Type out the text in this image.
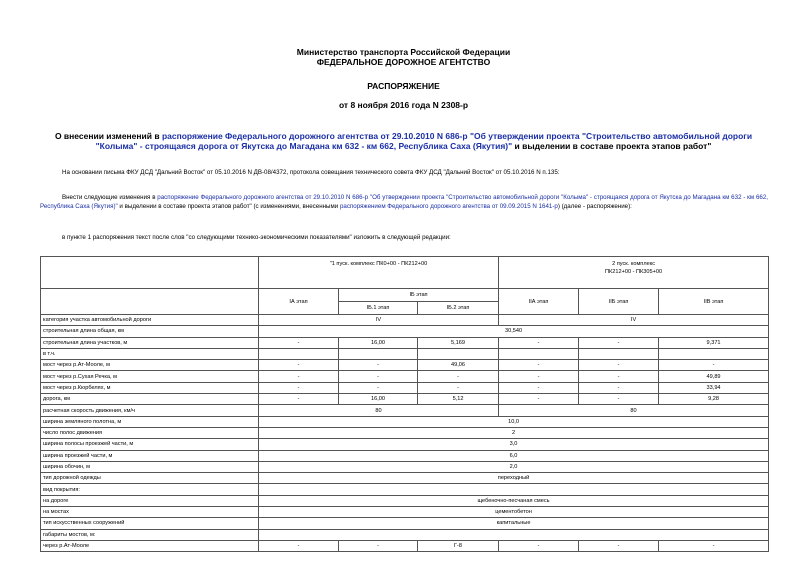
Министерство транспорта Российской Федерации
ФЕДЕРАЛЬНОЕ ДОРОЖНОЕ АГЕНТСТВО
РАСПОРЯЖЕНИЕ
от 8 ноября 2016 года N 2308-р
О внесении изменений в распоряжение Федерального дорожного агентства от 29.10.2010 N 686-р "Об утверждении проекта "Строительство автомобильной дороги "Колыма" - строящаяся дорога от Якутска до Магадана км 632 - км 662, Республика Саха (Якутия)" и выделении в составе проекта этапов работ"
На основании письма ФКУ ДСД "Дальний Восток" от 05.10.2016 N ДВ-08/4372, протокола совещания технического совета ФКУ ДСД "Дальний Восток" от 05.10.2016 N п.135:
Внести следующие изменения в распоряжение Федерального дорожного агентства от 29.10.2010 N 686-р "Об утверждении проекта "Строительство автомобильной дороги "Колыма" - строящаяся дорога от Якутска до Магадана км 632 - км 662, Республика Саха (Якутия)" и выделении в составе проекта этапов работ" (с изменениями, внесенными распоряжением Федерального дорожного агентства от 09.09.2015 N 1641-р) (далее - распоряжение):
в пункте 1 распоряжения текст после слов "со следующими технико-экономическими показателями" изложить в следующей редакции:
	"1 пуск. комплекс ПК0+00 - ПК212+00			2 пуск. комплекс
ПК212+00 - ПК305+00		
	IА этап	IБ этап		IIА этап	IIБ этап	IIВ этап
		IБ.1 этап	IБ.2 этап			
категория участка автомобильной дороги	IV			IV		
строительная длина общая, км	30,540					
строительная длина участков, м	-	16,00	5,169	-	-	9,371
в т.ч.						
мост через р.Ат-Мооле, м	-	-	49,06	-	-	-
мост через р.Сухая Речка, м	-	-	-	-	-	49,89
мост через р.Кюрбелях, м	-	-	-	-	-	33,94
дорога, км	-	16,00	5,12	-	-	9,28
расчетная скорость движения, км/ч	80			80		
ширина земляного полотна, м	10,0					
число полос движения	2					
ширина полосы проезжей части, м	3,0					
ширина проезжей части, м	6,0					
ширина обочин, м	2,0					
тип дорожной одежды	переходный					
вид покрытия:						
на дороге	щебеночно-песчаная смесь					
на мостах	цементобетон					
тип искусственных сооружений	капитальные					
габариты мостов, м:						
через р.Ат-Мооле	-	-	Г-8	-	-	-
